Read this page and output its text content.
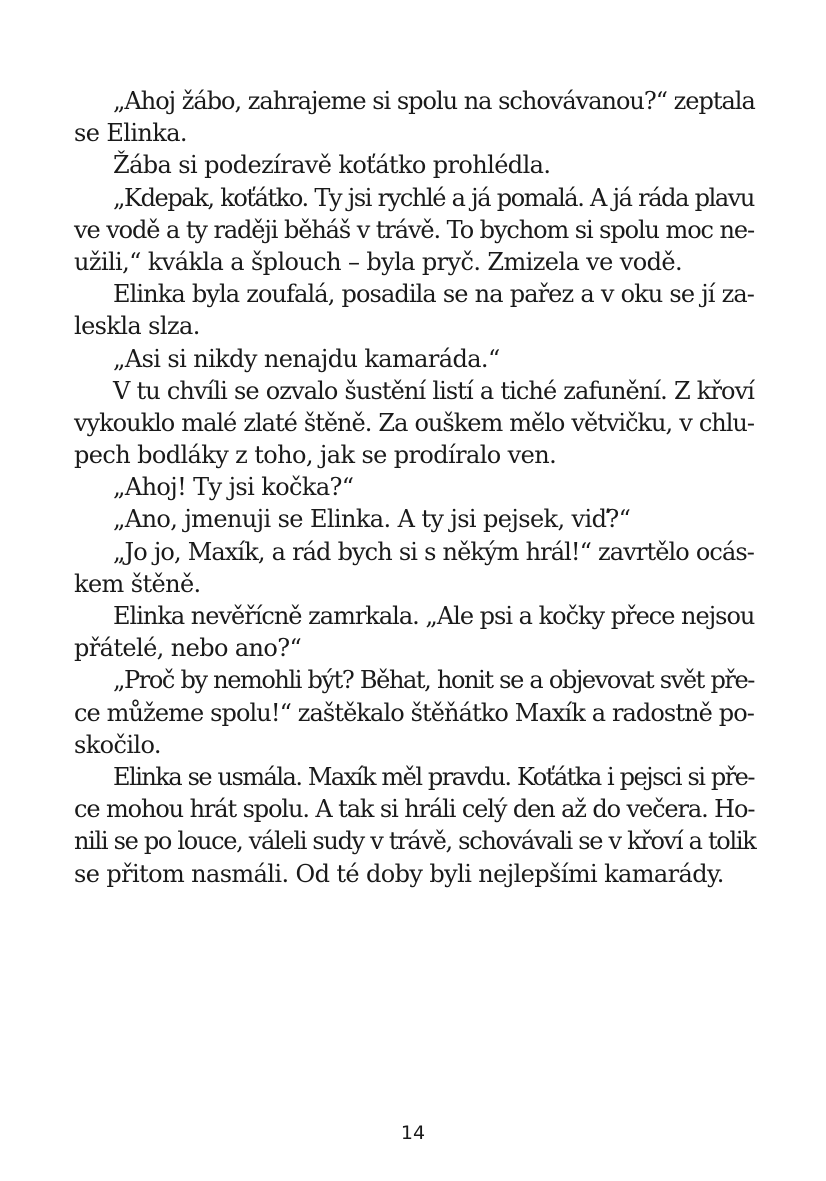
„Ahoj žábo, zahrajeme si spolu na schovávanou?“ zeptala
se Elinka.
Žába si podezíravě koťátko prohlédla.
„Kdepak, koťátko. Ty jsi rychlé a já pomalá. A já ráda plavu
ve vodě a ty raději běháš v trávě. To bychom si spolu moc ne-
užili,“ kvákla a šplouch – byla pryč. Zmizela ve vodě.
Elinka byla zoufalá, posadila se na pařez a v oku se jí za-
leskla slza.
„Asi si nikdy nenajdu kamaráda.“
V tu chvíli se ozvalo šustění listí a tiché zafunění. Z křoví
vykouklo malé zlaté štěně. Za ouškem mělo větvičku, v chlu-
pech bodláky z toho, jak se prodíralo ven.
„Ahoj! Ty jsi kočka?“
„Ano, jmenuji se Elinka. A ty jsi pejsek, viď?“
„Jo jo, Maxík, a rád bych si s někým hrál!“ zavrtělo ocás-
kem štěně.
Elinka nevěřícně zamrkala. „Ale psi a kočky přece nejsou
přátelé, nebo ano?“
„Proč by nemohli být? Běhat, honit se a objevovat svět pře-
ce můžeme spolu!“ zaštěkalo štěňátko Maxík a radostně po-
skočilo.
Elinka se usmála. Maxík měl pravdu. Koťátka i pejsci si pře-
ce mohou hrát spolu. A tak si hráli celý den až do večera. Ho-
nili se po louce, váleli sudy v trávě, schovávali se v křoví a tolik
se přitom nasmáli. Od té doby byli nejlepšími kamarády.
14
